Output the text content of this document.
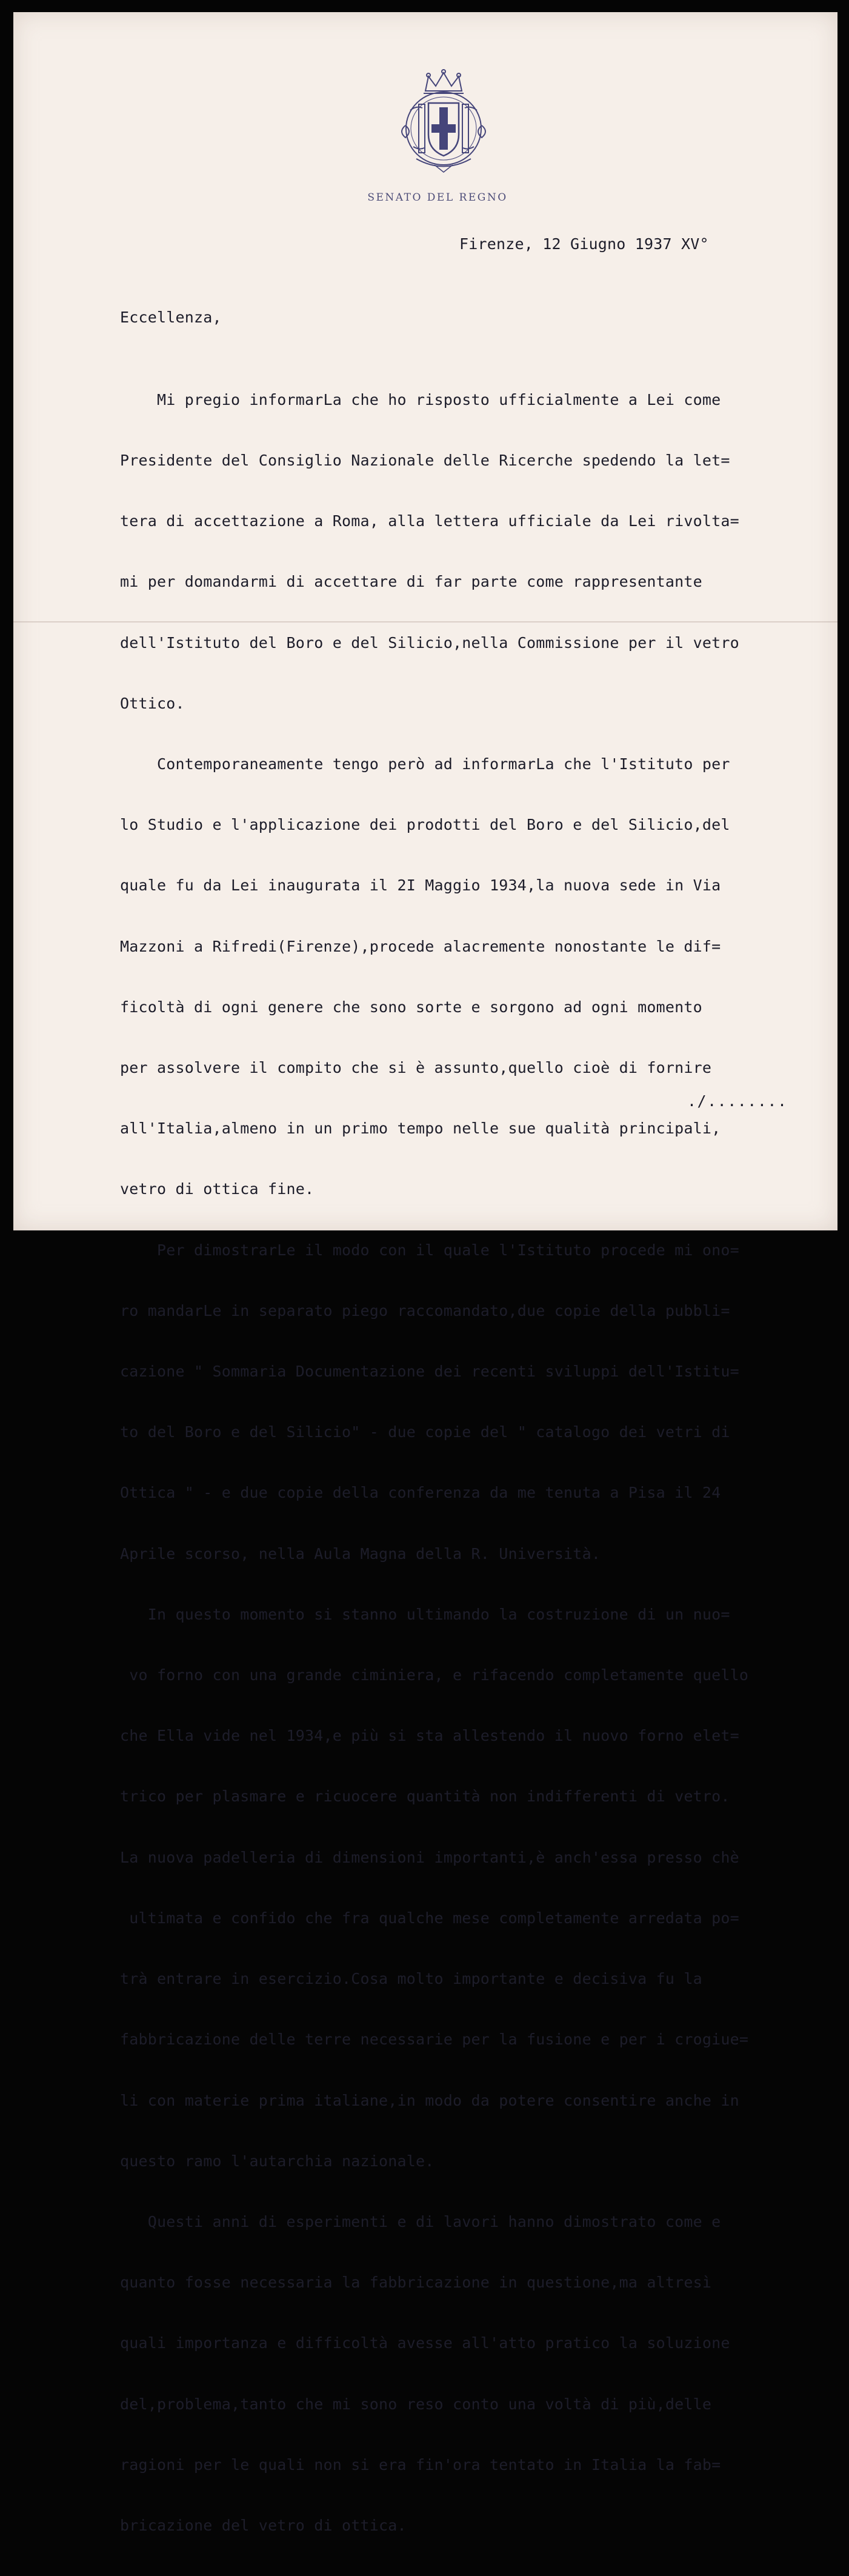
SENATO DEL REGNO
Firenze, 12 Giugno 1937 XV°
Eccellenza,

Mi pregio informarLa che ho risposto ufficialmente a Lei come

Presidente del Consiglio Nazionale delle Ricerche spedendo la let=

tera di accettazione a Roma, alla lettera ufficiale da Lei rivolta=

mi per domandarmi di accettare di far parte come rappresentante

dell'Istituto del Boro e del Silicio,nella Commissione per il vetro

Ottico.

Contemporaneamente tengo però ad informarLa che l'Istituto per

lo Studio e l'applicazione dei prodotti del Boro e del Silicio,del

quale fu da Lei inaugurata il 2I Maggio 1934,la nuova sede in Via

Mazzoni a Rifredi(Firenze),procede alacremente nonostante le dif=

ficoltà di ogni genere che sono sorte e sorgono ad ogni momento

per assolvere il compito che si è assunto,quello cioè di fornire

all'Italia,almeno in un primo tempo nelle sue qualità principali,

vetro di ottica fine.

Per dimostrarLe il modo con il quale l'Istituto procede mi ono=

ro mandarLe in separato piego raccomandato,due copie della pubbli=

cazione " Sommaria Documentazione dei recenti sviluppi dell'Istitu=

to del Boro e del Silicio" - due copie del " catalogo dei vetri di

Ottica " - e due copie della conferenza da me tenuta a Pisa il 24

Aprile scorso, nella Aula Magna della R. Università.

In questo momento si stanno ultimando la costruzione di un nuo=

vo forno con una grande ciminiera, e rifacendo completamente quello

che Ella vide nel 1934,e più si sta allestendo il nuovo forno elet=

trico per plasmare e ricuocere quantità non indifferenti di vetro.

La nuova padelleria di dimensioni importanti,è anch'essa presso chè

ultimata e confido che fra qualche mese completamente arredata po=

trà entrare in esercizio.Cosa molto importante e decisiva fu la

fabbricazione delle terre necessarie per la fusione e per i crogiue=

li con materie prima italiane,in modo da potere consentire anche in

questo ramo l'autarchia nazionale.

Questi anni di esperimenti e di lavori hanno dimostrato come e

quanto fosse necessaria la fabbricazione in questione,ma altresì

quali importanza e difficoltà avesse all'atto pratico la soluzione

del,problema,tanto che mi sono reso conto una voltà di più,delle

ragioni per le quali non si era fin'ora tentato in Italia la fab=

bricazione del vetro di ottica.

./........
